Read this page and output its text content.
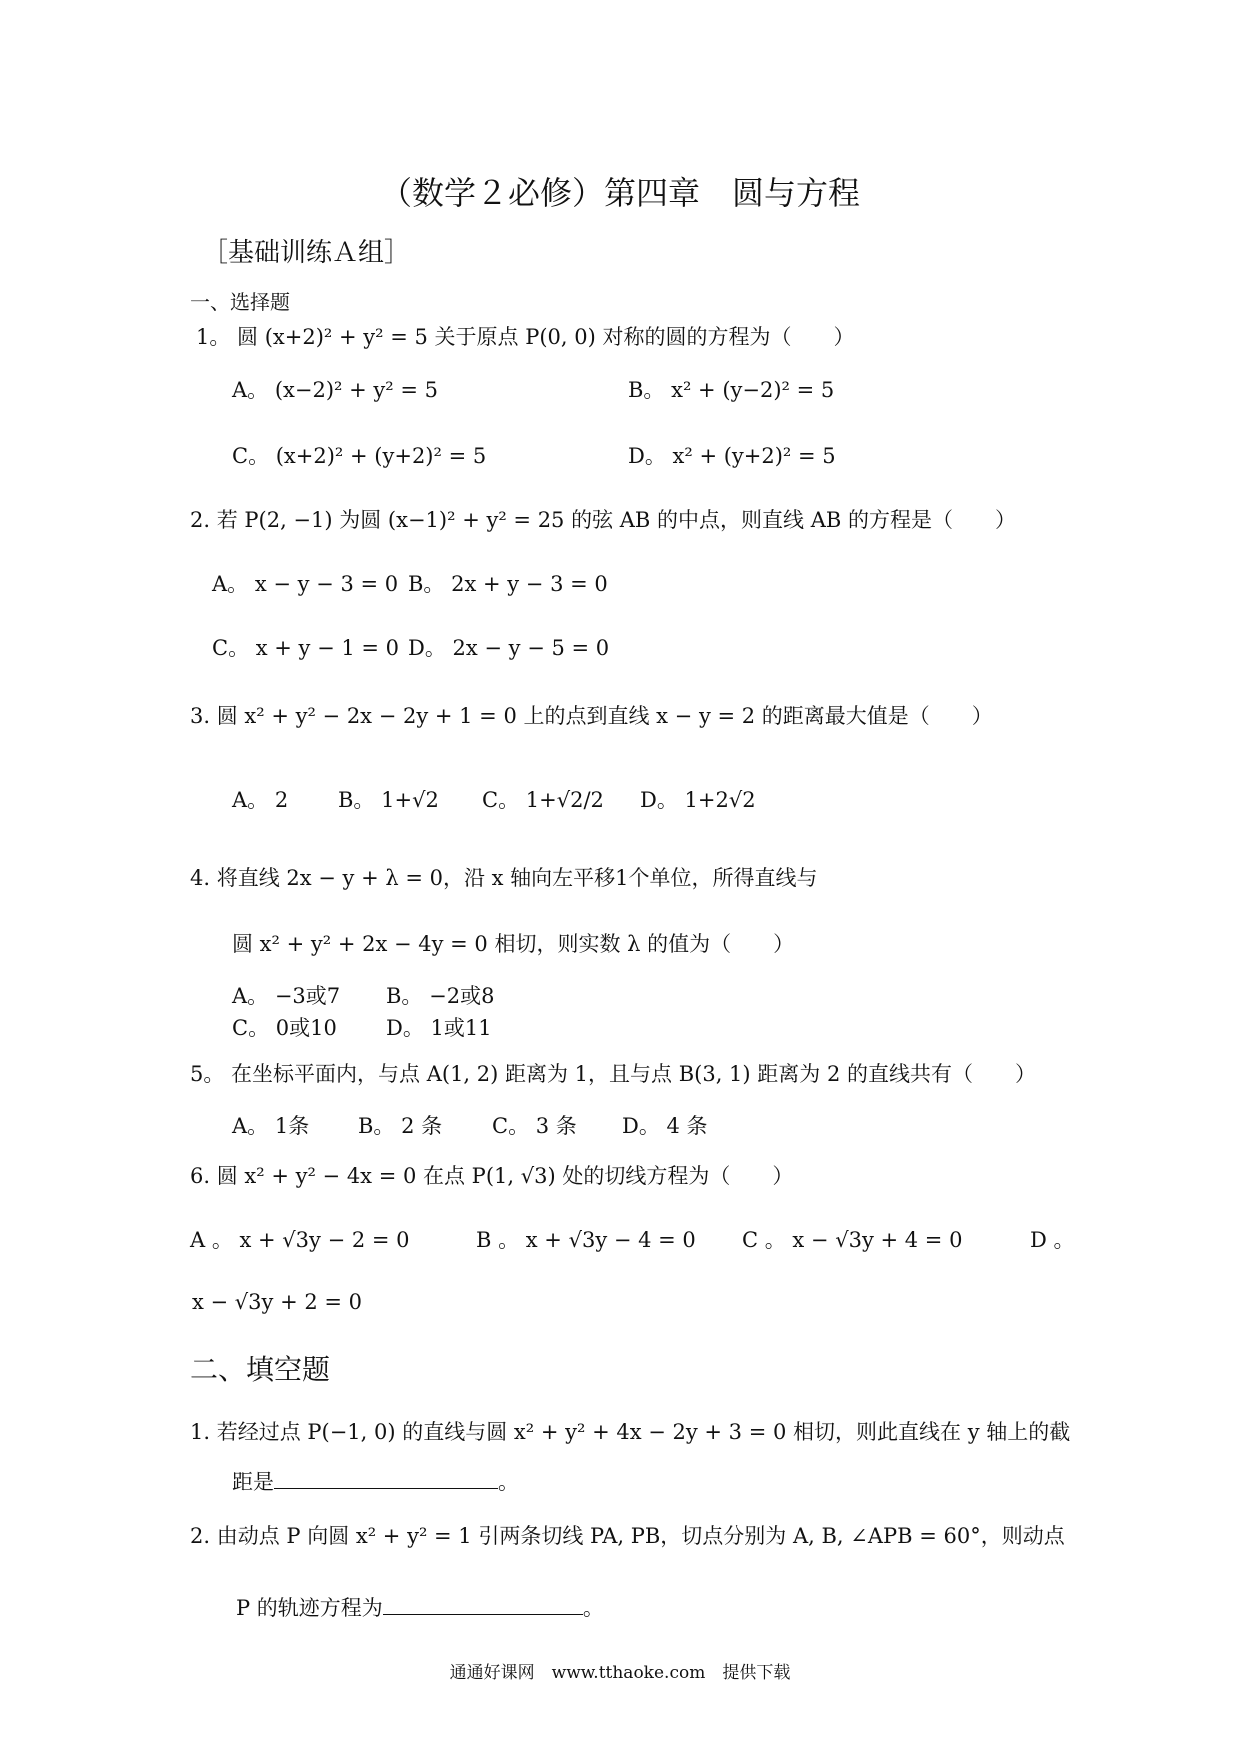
（数学２必修）第四章　圆与方程
［基础训练Ａ组］
一、选择题
1。 圆 (x+2)² + y² = 5 关于原点 P(0, 0) 对称的圆的方程为（　　）
A。 (x−2)² + y² = 5	B。 x² + (y−2)² = 5
C。 (x+2)² + (y+2)² = 5	D。 x² + (y+2)² = 5
2. 若 P(2, −1) 为圆 (x−1)² + y² = 25 的弦 AB 的中点，则直线 AB 的方程是（　　）
A。 x − y − 3 = 0 B。 2x + y − 3 = 0
C。 x + y − 1 = 0 D。 2x − y − 5 = 0
3. 圆 x² + y² − 2x − 2y + 1 = 0 上的点到直线 x − y = 2 的距离最大值是（　　）
A。 2 B。 1+√2 C。 1+√2/2 D。 1+2√2
4. 将直线 2x − y + λ = 0，沿 x 轴向左平移1个单位，所得直线与
圆 x² + y² + 2x − 4y = 0 相切，则实数 λ 的值为（　　）
A。 −3或7 B。 −2或8
C。 0或10 D。 1或11
5。 在坐标平面内，与点 A(1, 2) 距离为 1，且与点 B(3, 1) 距离为 2 的直线共有（　　）
A。 1条 B。 2 条 C。 3 条 D。 4 条
6. 圆 x² + y² − 4x = 0 在点 P(1, √3) 处的切线方程为（　　）
A 。 x + √3y − 2 = 0	B 。 x + √3y − 4 = 0 C 。 x − √3y + 4 = 0	D 。
x − √3y + 2 = 0
二、填空题
1. 若经过点 P(−1, 0) 的直线与圆 x² + y² + 4x − 2y + 3 = 0 相切，则此直线在 y 轴上的截
距是	。
2. 由动点 P 向圆 x² + y² = 1 引两条切线 PA, PB，切点分别为 A, B, ∠APB = 60°，则动点
P 的轨迹方程为	。
通通好课网　www.tthaoke.com　提供下载
